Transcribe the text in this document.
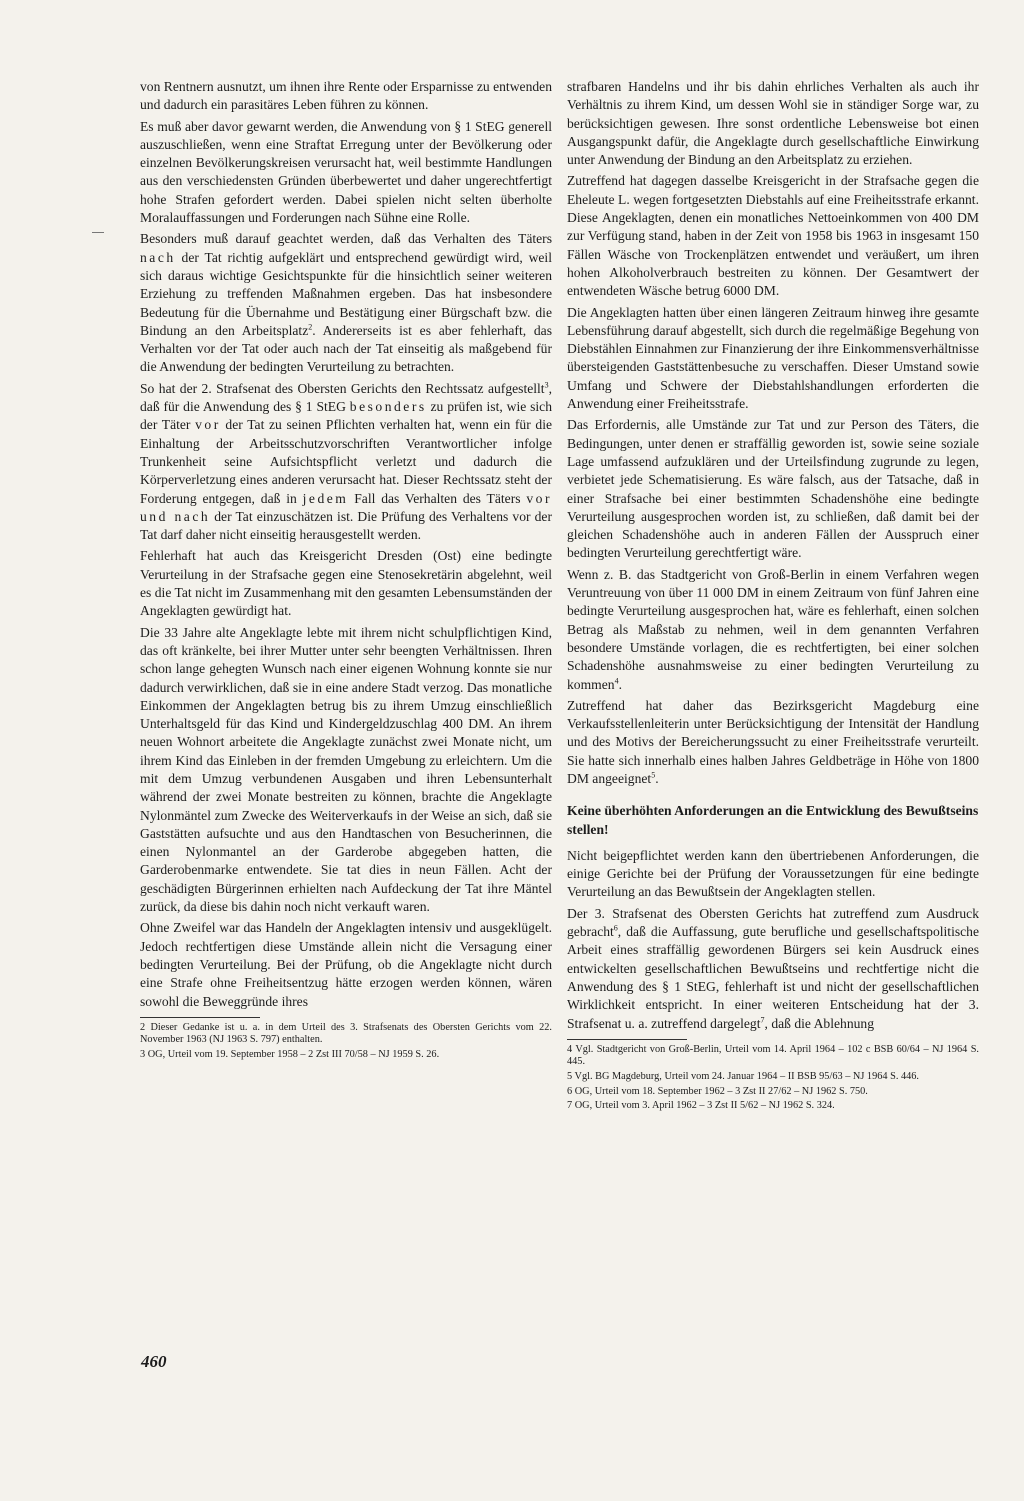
von Rentnern ausnutzt, um ihnen ihre Rente oder Ersparnisse zu entwenden und dadurch ein parasitäres Leben führen zu können.

Es muß aber davor gewarnt werden, die Anwendung von § 1 StEG generell auszuschließen, wenn eine Straftat Erregung unter der Bevölkerung oder einzelnen Bevölkerungskreisen verursacht hat, weil bestimmte Handlungen aus den verschiedensten Gründen überbewertet und daher ungerechtfertigt hohe Strafen gefordert werden. Dabei spielen nicht selten überholte Moralauffassungen und Forderungen nach Sühne eine Rolle.

Besonders muß darauf geachtet werden, daß das Verhalten des Täters nach der Tat richtig aufgeklärt und entsprechend gewürdigt wird, weil sich daraus wichtige Gesichtspunkte für die hinsichtlich seiner weiteren Erziehung zu treffenden Maßnahmen ergeben. Das hat insbesondere Bedeutung für die Übernahme und Bestätigung einer Bürgschaft bzw. die Bindung an den Arbeitsplatz$^2$. Andererseits ist es aber fehlerhaft, das Verhalten vor der Tat oder auch nach der Tat einseitig als maßgebend für die Anwendung der bedingten Verurteilung zu betrachten.

So hat der 2. Strafsenat des Obersten Gerichts den Rechtssatz aufgestellt$^3$, daß für die Anwendung des § 1 StEG besonders zu prüfen ist, wie sich der Täter vor der Tat zu seinen Pflichten verhalten hat, wenn ein für die Einhaltung der Arbeitsschutzvorschriften Verantwortlicher infolge Trunkenheit seine Aufsichtspflicht verletzt und dadurch die Körperverletzung eines anderen verursacht hat. Dieser Rechtssatz steht der Forderung entgegen, daß in jedem Fall das Verhalten des Täters vor und nach der Tat einzuschätzen ist. Die Prüfung des Verhaltens vor der Tat darf daher nicht einseitig herausgestellt werden.

Fehlerhaft hat auch das Kreisgericht Dresden (Ost) eine bedingte Verurteilung in der Strafsache gegen eine Stenosekretärin abgelehnt, weil es die Tat nicht im Zusammenhang mit den gesamten Lebensumständen der Angeklagten gewürdigt hat.

Die 33 Jahre alte Angeklagte lebte mit ihrem nicht schulpflichtigen Kind, das oft kränkelte, bei ihrer Mutter unter sehr beengten Verhältnissen. Ihren schon lange gehegten Wunsch nach einer eigenen Wohnung konnte sie nur dadurch verwirklichen, daß sie in eine andere Stadt verzog. Das monatliche Einkommen der Angeklagten betrug bis zu ihrem Umzug einschließlich Unterhaltsgeld für das Kind und Kindergeldzuschlag 400 DM. An ihrem neuen Wohnort arbeitete die Angeklagte zunächst zwei Monate nicht, um ihrem Kind das Einleben in der fremden Umgebung zu erleichtern. Um die mit dem Umzug verbundenen Ausgaben und ihren Lebensunterhalt während der zwei Monate bestreiten zu können, brachte die Angeklagte Nylonmäntel zum Zwecke des Weiterverkaufs in der Weise an sich, daß sie Gaststätten aufsuchte und aus den Handtaschen von Besucherinnen, die einen Nylonmantel an der Garderobe abgegeben hatten, die Garderobenmarke entwendete. Sie tat dies in neun Fällen. Acht der geschädigten Bürgerinnen erhielten nach Aufdeckung der Tat ihre Mäntel zurück, da diese bis dahin noch nicht verkauft waren.

Ohne Zweifel war das Handeln der Angeklagten intensiv und ausgeklügelt. Jedoch rechtfertigen diese Umstände allein nicht die Versagung einer bedingten Verurteilung. Bei der Prüfung, ob die Angeklagte nicht durch eine Strafe ohne Freiheitsentzug hätte erzogen werden können, wären sowohl die Beweggründe ihres

2 Dieser Gedanke ist u. a. in dem Urteil des 3. Strafsenats des Obersten Gerichts vom 22. November 1963 (NJ 1963 S. 797) enthalten.

3 OG, Urteil vom 19. September 1958 – 2 Zst III 70/58 – NJ 1959 S. 26.

strafbaren Handelns und ihr bis dahin ehrliches Verhalten als auch ihr Verhältnis zu ihrem Kind, um dessen Wohl sie in ständiger Sorge war, zu berücksichtigen gewesen. Ihre sonst ordentliche Lebensweise bot einen Ausgangspunkt dafür, die Angeklagte durch gesellschaftliche Einwirkung unter Anwendung der Bindung an den Arbeitsplatz zu erziehen.

Zutreffend hat dagegen dasselbe Kreisgericht in der Strafsache gegen die Eheleute L. wegen fortgesetzten Diebstahls auf eine Freiheitsstrafe erkannt. Diese Angeklagten, denen ein monatliches Nettoeinkommen von 400 DM zur Verfügung stand, haben in der Zeit von 1958 bis 1963 in insgesamt 150 Fällen Wäsche von Trockenplätzen entwendet und veräußert, um ihren hohen Alkoholverbrauch bestreiten zu können. Der Gesamtwert der entwendeten Wäsche betrug 6000 DM.

Die Angeklagten hatten über einen längeren Zeitraum hinweg ihre gesamte Lebensführung darauf abgestellt, sich durch die regelmäßige Begehung von Diebstählen Einnahmen zur Finanzierung der ihre Einkommensverhältnisse übersteigenden Gaststättenbesuche zu verschaffen. Dieser Umstand sowie Umfang und Schwere der Diebstahlshandlungen erforderten die Anwendung einer Freiheitsstrafe.

Das Erfordernis, alle Umstände zur Tat und zur Person des Täters, die Bedingungen, unter denen er straffällig geworden ist, sowie seine soziale Lage umfassend aufzuklären und der Urteilsfindung zugrunde zu legen, verbietet jede Schematisierung. Es wäre falsch, aus der Tatsache, daß in einer Strafsache bei einer bestimmten Schadenshöhe eine bedingte Verurteilung ausgesprochen worden ist, zu schließen, daß damit bei der gleichen Schadenshöhe auch in anderen Fällen der Ausspruch einer bedingten Verurteilung gerechtfertigt wäre.

Wenn z. B. das Stadtgericht von Groß-Berlin in einem Verfahren wegen Veruntreuung von über 11 000 DM in einem Zeitraum von fünf Jahren eine bedingte Verurteilung ausgesprochen hat, wäre es fehlerhaft, einen solchen Betrag als Maßstab zu nehmen, weil in dem genannten Verfahren besondere Umstände vorlagen, die es rechtfertigten, bei einer solchen Schadenshöhe ausnahmsweise zu einer bedingten Verurteilung zu kommen$^4$.

Zutreffend hat daher das Bezirksgericht Magdeburg eine Verkaufsstellenleiterin unter Berücksichtigung der Intensität der Handlung und des Motivs der Bereicherungssucht zu einer Freiheitsstrafe verurteilt. Sie hatte sich innerhalb eines halben Jahres Geldbeträge in Höhe von 1800 DM angeeignet$^5$.

Keine überhöhten Anforderungen an die Entwicklung des Bewußtseins stellen!

Nicht beigepflichtet werden kann den übertriebenen Anforderungen, die einige Gerichte bei der Prüfung der Voraussetzungen für eine bedingte Verurteilung an das Bewußtsein der Angeklagten stellen.

Der 3. Strafsenat des Obersten Gerichts hat zutreffend zum Ausdruck gebracht$^6$, daß die Auffassung, gute berufliche und gesellschaftspolitische Arbeit eines straffällig gewordenen Bürgers sei kein Ausdruck eines entwickelten gesellschaftlichen Bewußtseins und rechtfertige nicht die Anwendung des § 1 StEG, fehlerhaft ist und nicht der gesellschaftlichen Wirklichkeit entspricht. In einer weiteren Entscheidung hat der 3. Strafsenat u. a. zutreffend dargelegt$^7$, daß die Ablehnung

4 Vgl. Stadtgericht von Groß-Berlin, Urteil vom 14. April 1964 – 102 c BSB 60/64 – NJ 1964 S. 445.

5 Vgl. BG Magdeburg, Urteil vom 24. Januar 1964 – II BSB 95/63 – NJ 1964 S. 446.

6 OG, Urteil vom 18. September 1962 – 3 Zst II 27/62 – NJ 1962 S. 750.

7 OG, Urteil vom 3. April 1962 – 3 Zst II 5/62 – NJ 1962 S. 324.

460
